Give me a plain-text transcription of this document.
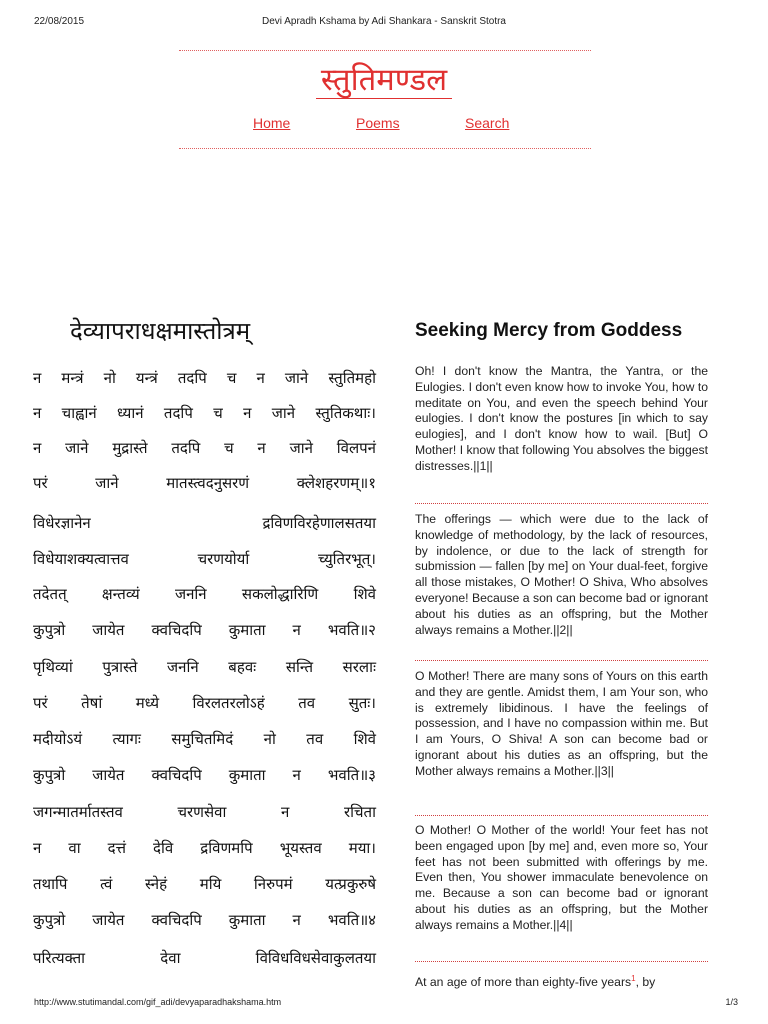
22/08/2015	Devi Apradh Kshama by Adi Shankara - Sanskrit Stotra
स्तुतिमण्डल
Home	Poems	Search
देव्यापराधक्षमास्तोत्रम्	Seeking Mercy from Goddess
न मन्त्रं नो यन्त्रं तदपि च न जाने स्तुतिमहो
न चाह्वानं ध्यानं तदपि च न जाने स्तुतिकथाः।
न जाने मुद्रास्ते तदपि च न जाने विलपनं
परं जाने मातस्त्वदनुसरणं क्लेशहरणम्॥१
विधेरज्ञानेन द्रविणविरहेणालसतया
विधेयाशक्यत्वात्तव चरणयोर्या च्युतिरभूत्।
तदेतत् क्षन्तव्यं जननि सकलोद्धारिणि शिवे
कुपुत्रो जायेत क्वचिदपि कुमाता न भवति॥२
पृथिव्यां पुत्रास्ते जननि बहवः सन्ति सरलाः
परं तेषां मध्ये विरलतरलोऽहं तव सुतः।
मदीयोऽयं त्यागः समुचितमिदं नो तव शिवे
कुपुत्रो जायेत क्वचिदपि कुमाता न भवति॥३
जगन्मातर्मातस्तव चरणसेवा न रचिता
न वा दत्तं देवि द्रविणमपि भूयस्तव मया।
तथापि त्वं स्नेहं मयि निरुपमं यत्प्रकुरुषे
कुपुत्रो जायेत क्वचिदपि कुमाता न भवति॥४
परित्यक्ता देवा विविधविधसेवाकुलतया
Oh! I don't know the Mantra, the Yantra, or the Eulogies. I don't even know how to invoke You, how to meditate on You, and even the speech behind Your eulogies. I don't know the postures [in which to say eulogies], and I don't know how to wail. [But] O Mother! I know that following You absolves the biggest distresses.||1||
The offerings — which were due to the lack of knowledge of methodology, by the lack of resources, by indolence, or due to the lack of strength for submission — fallen [by me] on Your dual-feet, forgive all those mistakes, O Mother! O Shiva, Who absolves everyone! Because a son can become bad or ignorant about his duties as an offspring, but the Mother always remains a Mother.||2||
O Mother! There are many sons of Yours on this earth and they are gentle. Amidst them, I am Your son, who is extremely libidinous. I have the feelings of possession, and I have no compassion within me. But I am Yours, O Shiva! A son can become bad or ignorant about his duties as an offspring, but the Mother always remains a Mother.||3||
O Mother! O Mother of the world! Your feet has not been engaged upon [by me] and, even more so, Your feet has not been submitted with offerings by me. Even then, You shower immaculate benevolence on me. Because a son can become bad or ignorant about his duties as an offspring, but the Mother always remains a Mother.||4||
At an age of more than eighty-five years$^1$, by
http://www.stutimandal.com/gif_adi/devyaparadhakshama.htm	1/3
